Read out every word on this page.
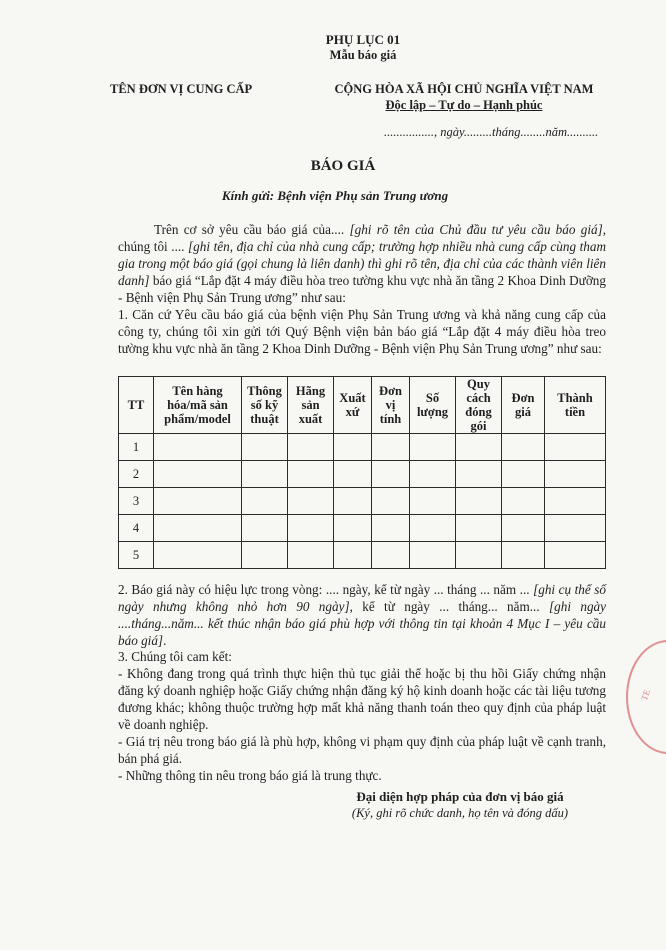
PHỤ LỤC 01
Mẫu báo giá
TÊN ĐƠN VỊ CUNG CẤP	CỘNG HÒA XÃ HỘI CHỦ NGHĨA VIỆT NAM
Độc lập – Tự do – Hạnh phúc
................, ngày.........tháng........năm..........
BÁO GIÁ
Kính gửi: Bệnh viện Phụ sản Trung ương
Trên cơ sở yêu cầu báo giá của.... [ghi rõ tên của Chủ đầu tư yêu cầu báo giá], chúng tôi .... [ghi tên, địa chỉ của nhà cung cấp; trường hợp nhiều nhà cung cấp cùng tham gia trong một báo giá (gọi chung là liên danh) thì ghi rõ tên, địa chỉ của các thành viên liên danh] báo giá “Lắp đặt 4 máy điều hòa treo tường khu vực nhà ăn tầng 2 Khoa Dinh Dưỡng - Bệnh viện Phụ Sản Trung ương” như sau:
1. Căn cứ Yêu cầu báo giá của bệnh viện Phụ Sản Trung ương và khả năng cung cấp của công ty, chúng tôi xin gửi tới Quý Bệnh viện bản báo giá “Lắp đặt 4 máy điều hòa treo tường khu vực nhà ăn tầng 2 Khoa Dinh Dưỡng - Bệnh viện Phụ Sản Trung ương” như sau:
TT	Tên hàng hóa/mã sản phẩm/model	Thông số kỹ thuật	Hãng sản xuất	Xuất xứ	Đơn vị tính	Số lượng	Quy cách đóng gói	Đơn giá	Thành tiền
1									
2									
3									
4									
5									
2. Báo giá này có hiệu lực trong vòng: .... ngày, kể từ ngày ... tháng ... năm ... [ghi cụ thể số ngày nhưng không nhỏ hơn 90 ngày], kể từ ngày ... tháng... năm... [ghi ngày ....tháng...năm... kết thúc nhận báo giá phù hợp với thông tin tại khoản 4 Mục I – yêu cầu báo giá].
3. Chúng tôi cam kết:
- Không đang trong quá trình thực hiện thủ tục giải thể hoặc bị thu hồi Giấy chứng nhận đăng ký doanh nghiệp hoặc Giấy chứng nhận đăng ký hộ kinh doanh hoặc các tài liệu tương đương khác; không thuộc trường hợp mất khả năng thanh toán theo quy định của pháp luật về doanh nghiệp.
- Giá trị nêu trong báo giá là phù hợp, không vi phạm quy định của pháp luật về cạnh tranh, bán phá giá.
- Những thông tin nêu trong báo giá là trung thực.
Đại diện hợp pháp của đơn vị báo giá
(Ký, ghi rõ chức danh, họ tên và đóng dấu)
TE
